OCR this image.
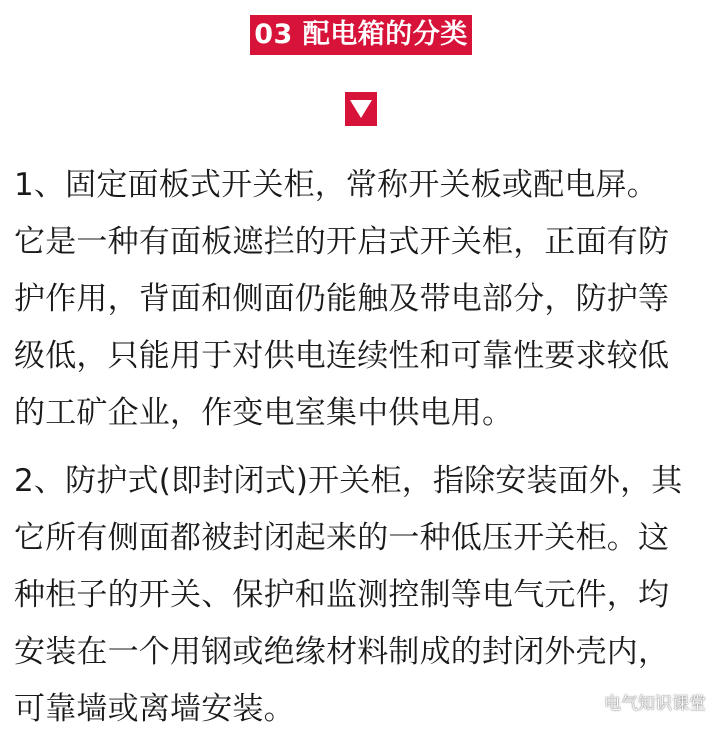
03 配电箱的分类
1、固定面板式开关柜，常称开关板或配电屏。
它是一种有面板遮拦的开启式开关柜，正面有防
护作用，背面和侧面仍能触及带电部分，防护等
级低，只能用于对供电连续性和可靠性要求较低
的工矿企业，作变电室集中供电用。
2、防护式(即封闭式)开关柜，指除安装面外，其
它所有侧面都被封闭起来的一种低压开关柜。这
种柜子的开关、保护和监测控制等电气元件，均
安装在一个用钢或绝缘材料制成的封闭外壳内，
可靠墙或离墙安装。	电气知识课堂
